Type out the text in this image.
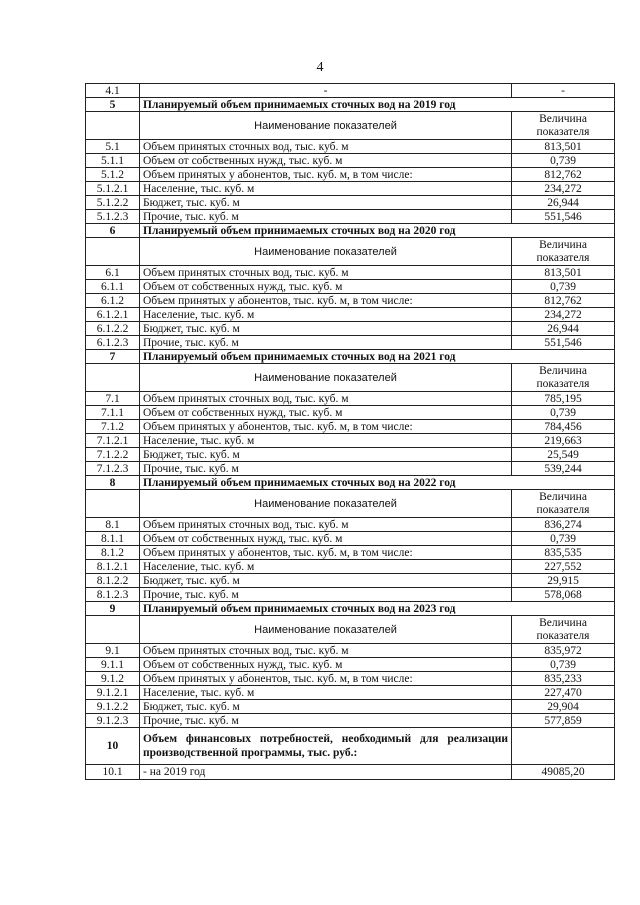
4
4.1	-	-
5	Планируемый объем принимаемых сточных вод на 2019 год	
	Наименование показателей	Величина показателя
5.1	Объем принятых сточных вод, тыс. куб. м	813,501
5.1.1	Объем от собственных нужд, тыс. куб. м	0,739
5.1.2	Объем принятых у абонентов, тыс. куб. м, в том числе:	812,762
5.1.2.1	Население, тыс. куб. м	234,272
5.1.2.2	Бюджет, тыс. куб. м	26,944
5.1.2.3	Прочие, тыс. куб. м	551,546
6	Планируемый объем принимаемых сточных вод на 2020 год	
	Наименование показателей	Величина показателя
6.1	Объем принятых сточных вод, тыс. куб. м	813,501
6.1.1	Объем от собственных нужд, тыс. куб. м	0,739
6.1.2	Объем принятых у абонентов, тыс. куб. м, в том числе:	812,762
6.1.2.1	Население, тыс. куб. м	234,272
6.1.2.2	Бюджет, тыс. куб. м	26,944
6.1.2.3	Прочие, тыс. куб. м	551,546
7	Планируемый объем принимаемых сточных вод на 2021 год	
	Наименование показателей	Величина показателя
7.1	Объем принятых сточных вод, тыс. куб. м	785,195
7.1.1	Объем от собственных нужд, тыс. куб. м	0,739
7.1.2	Объем принятых у абонентов, тыс. куб. м, в том числе:	784,456
7.1.2.1	Население, тыс. куб. м	219,663
7.1.2.2	Бюджет, тыс. куб. м	25,549
7.1.2.3	Прочие, тыс. куб. м	539,244
8	Планируемый объем принимаемых сточных вод на 2022 год	
	Наименование показателей	Величина показателя
8.1	Объем принятых сточных вод, тыс. куб. м	836,274
8.1.1	Объем от собственных нужд, тыс. куб. м	0,739
8.1.2	Объем принятых у абонентов, тыс. куб. м, в том числе:	835,535
8.1.2.1	Население, тыс. куб. м	227,552
8.1.2.2	Бюджет, тыс. куб. м	29,915
8.1.2.3	Прочие, тыс. куб. м	578,068
9	Планируемый объем принимаемых сточных вод на 2023 год	
	Наименование показателей	Величина показателя
9.1	Объем принятых сточных вод, тыс. куб. м	835,972
9.1.1	Объем от собственных нужд, тыс. куб. м	0,739
9.1.2	Объем принятых у абонентов, тыс. куб. м, в том числе:	835,233
9.1.2.1	Население, тыс. куб. м	227,470
9.1.2.2	Бюджет, тыс. куб. м	29,904
9.1.2.3	Прочие, тыс. куб. м	577,859
10	Объем финансовых потребностей, необходимый для реализации производственной программы, тыс. руб.:	
10.1	- на 2019 год	49085,20
